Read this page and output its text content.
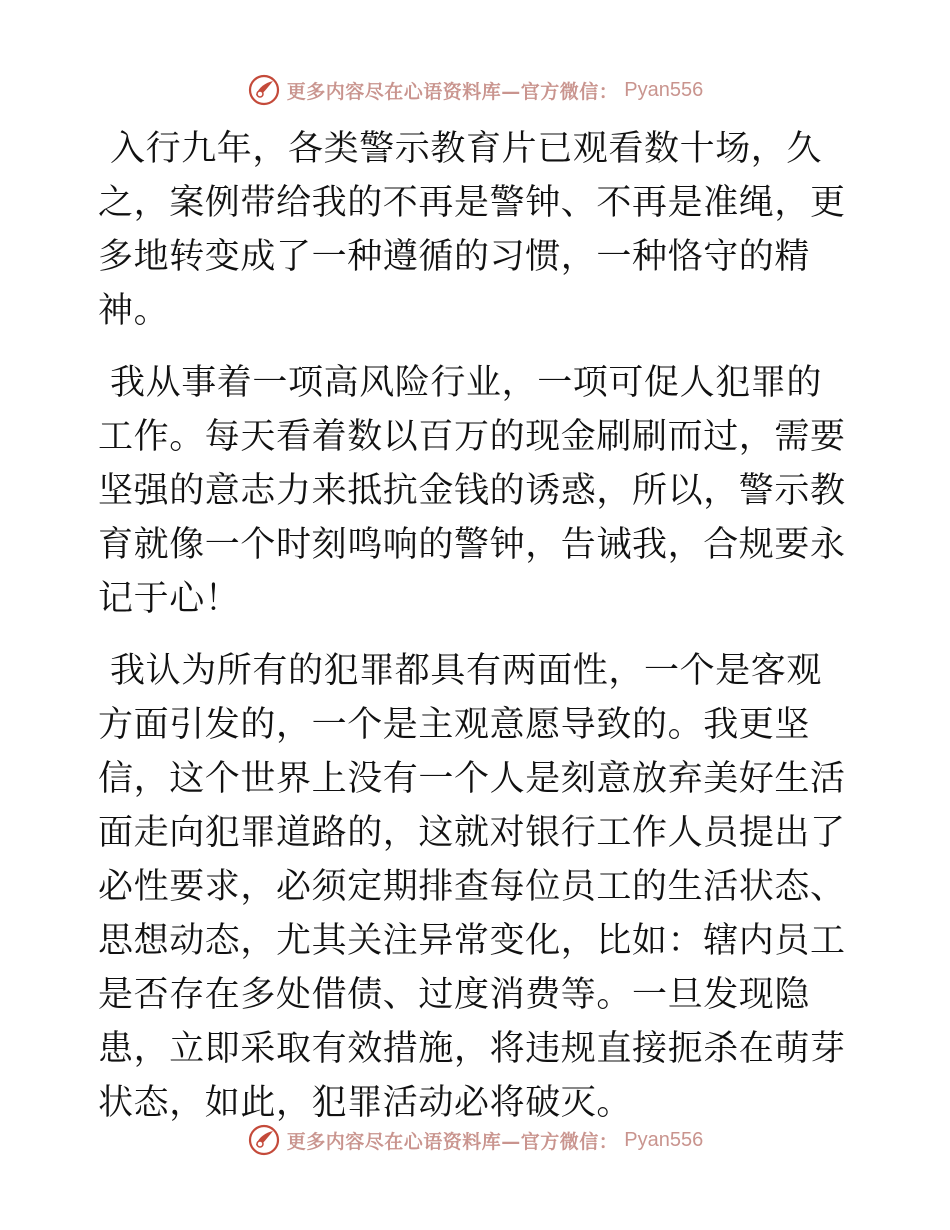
更多内容尽在心语资料库—官方微信： Pyan556

入行九年，各类警示教育片已观看数十场，久之，案例带给我的不再是警钟、不再是准绳，更多地转变成了一种遵循的习惯，一种恪守的精神。

我从事着一项高风险行业，一项可促人犯罪的工作。每天看着数以百万的现金刷刷而过，需要坚强的意志力来抵抗金钱的诱惑，所以，警示教育就像一个时刻鸣响的警钟，告诫我，合规要永记于心！

我认为所有的犯罪都具有两面性，一个是客观方面引发的，一个是主观意愿导致的。我更坚信，这个世界上没有一个人是刻意放弃美好生活面走向犯罪道路的，这就对银行工作人员提出了必性要求，必须定期排查每位员工的生活状态、思想动态，尤其关注异常变化，比如：辖内员工是否存在多处借债、过度消费等。一旦发现隐患，立即采取有效措施，将违规直接扼杀在萌芽状态，如此，犯罪活动必将破灭。

更多内容尽在心语资料库—官方微信： Pyan556
